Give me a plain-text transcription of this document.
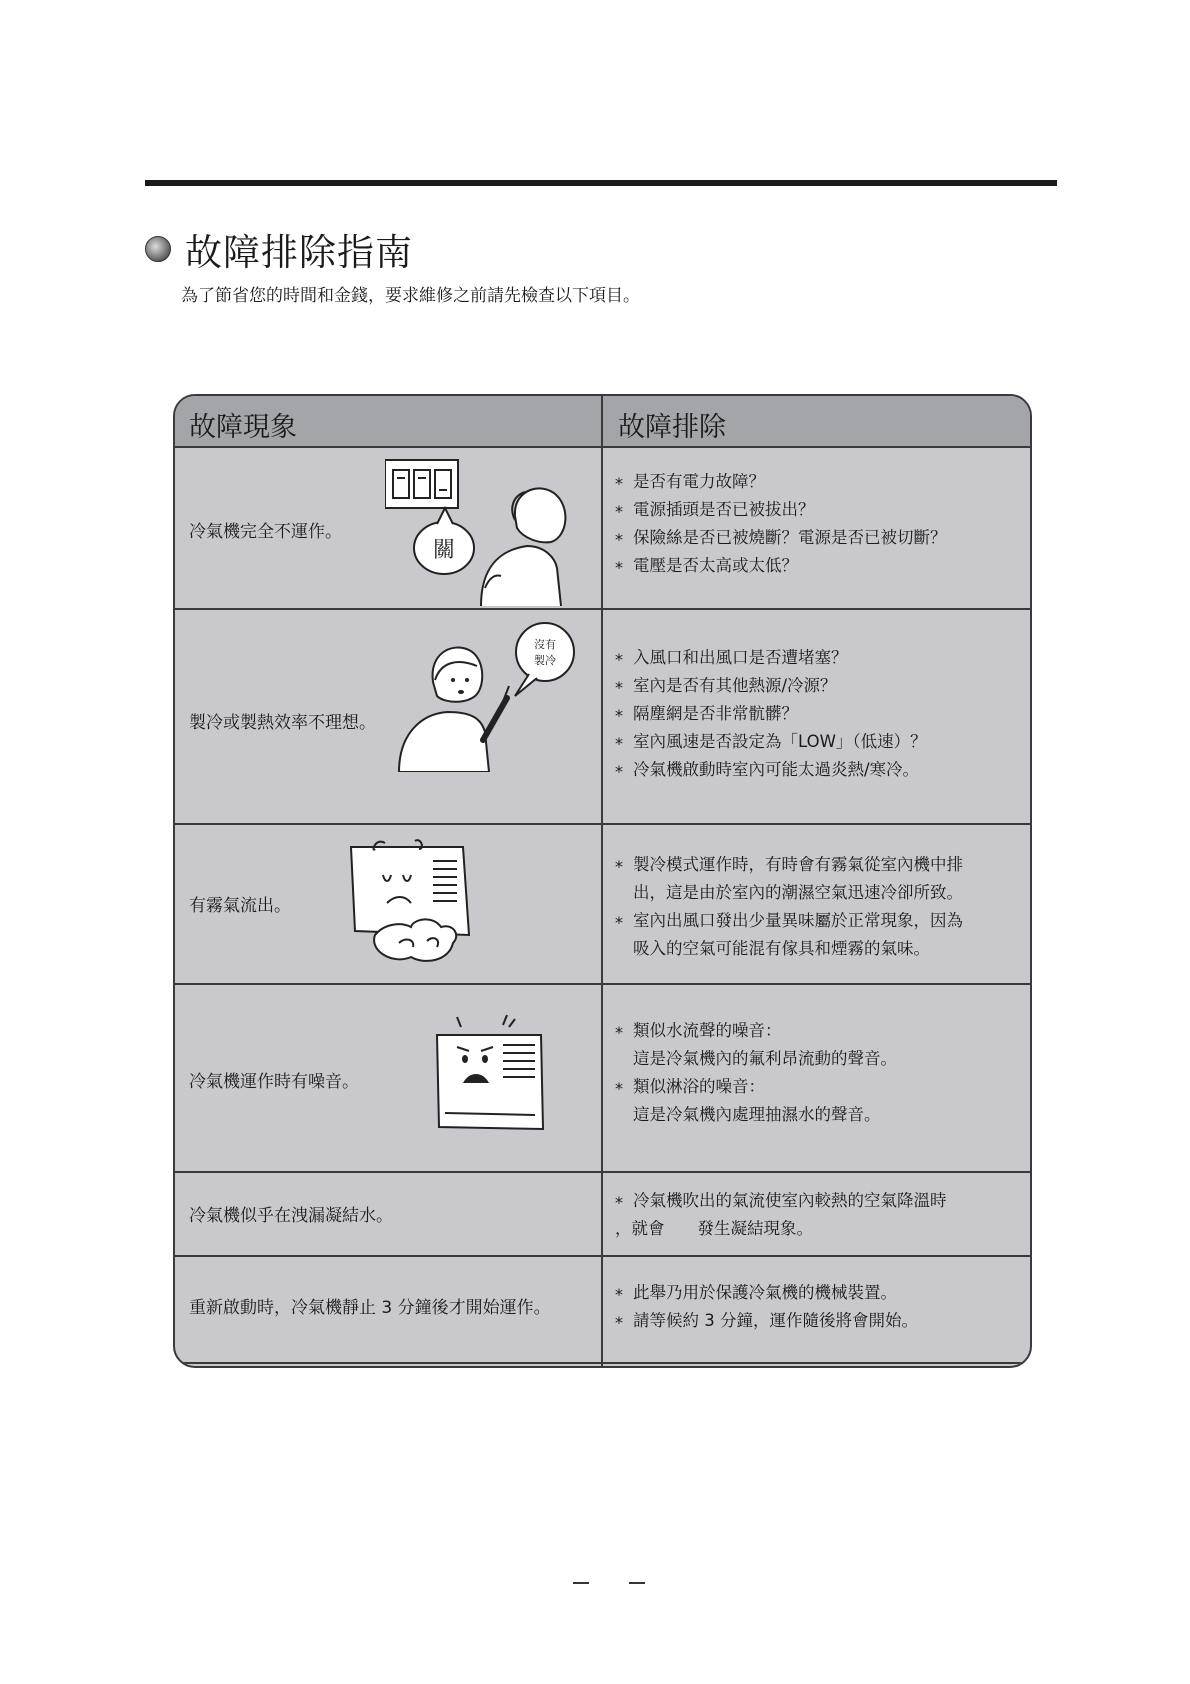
故障排除指南
為了節省您的時間和金錢，要求維修之前請先檢查以下項目。
故障現象	故障排除
冷氣機完全不運作。
關
* 是否有電力故障？
* 電源插頭是否已被拔出？
* 保險絲是否已被燒斷？電源是否已被切斷？
* 電壓是否太高或太低？
製冷或製熱效率不理想。
沒有
製冷
*	入風口和出風口是否遭堵塞？
* 室內是否有其他熱源/冷源？
* 隔塵網是否非常骯髒？
* 室內風速是否設定為「LOW」（低速）？
* 冷氣機啟動時室內可能太過炎熱/寒冷。
有霧氣流出。
* 製冷模式運作時，有時會有霧氣從室內機中排
出，這是由於室內的潮濕空氣迅速冷卻所致。
* 室內出風口發出少量異味屬於正常現象，因為
吸入的空氣可能混有傢具和煙霧的氣味。
冷氣機運作時有噪音。
* 類似水流聲的噪音：
這是冷氣機內的氟利昂流動的聲音。
* 類似淋浴的噪音：
這是冷氣機內處理抽濕水的聲音。
冷氣機似乎在洩漏凝結水。
* 冷氣機吹出的氣流使室內較熱的空氣降溫時
，就會　　發生凝結現象。
重新啟動時，冷氣機靜止 3 分鐘後才開始運作。
* 此舉乃用於保護冷氣機的機械裝置。
* 請等候約 3 分鐘，運作隨後將會開始。
